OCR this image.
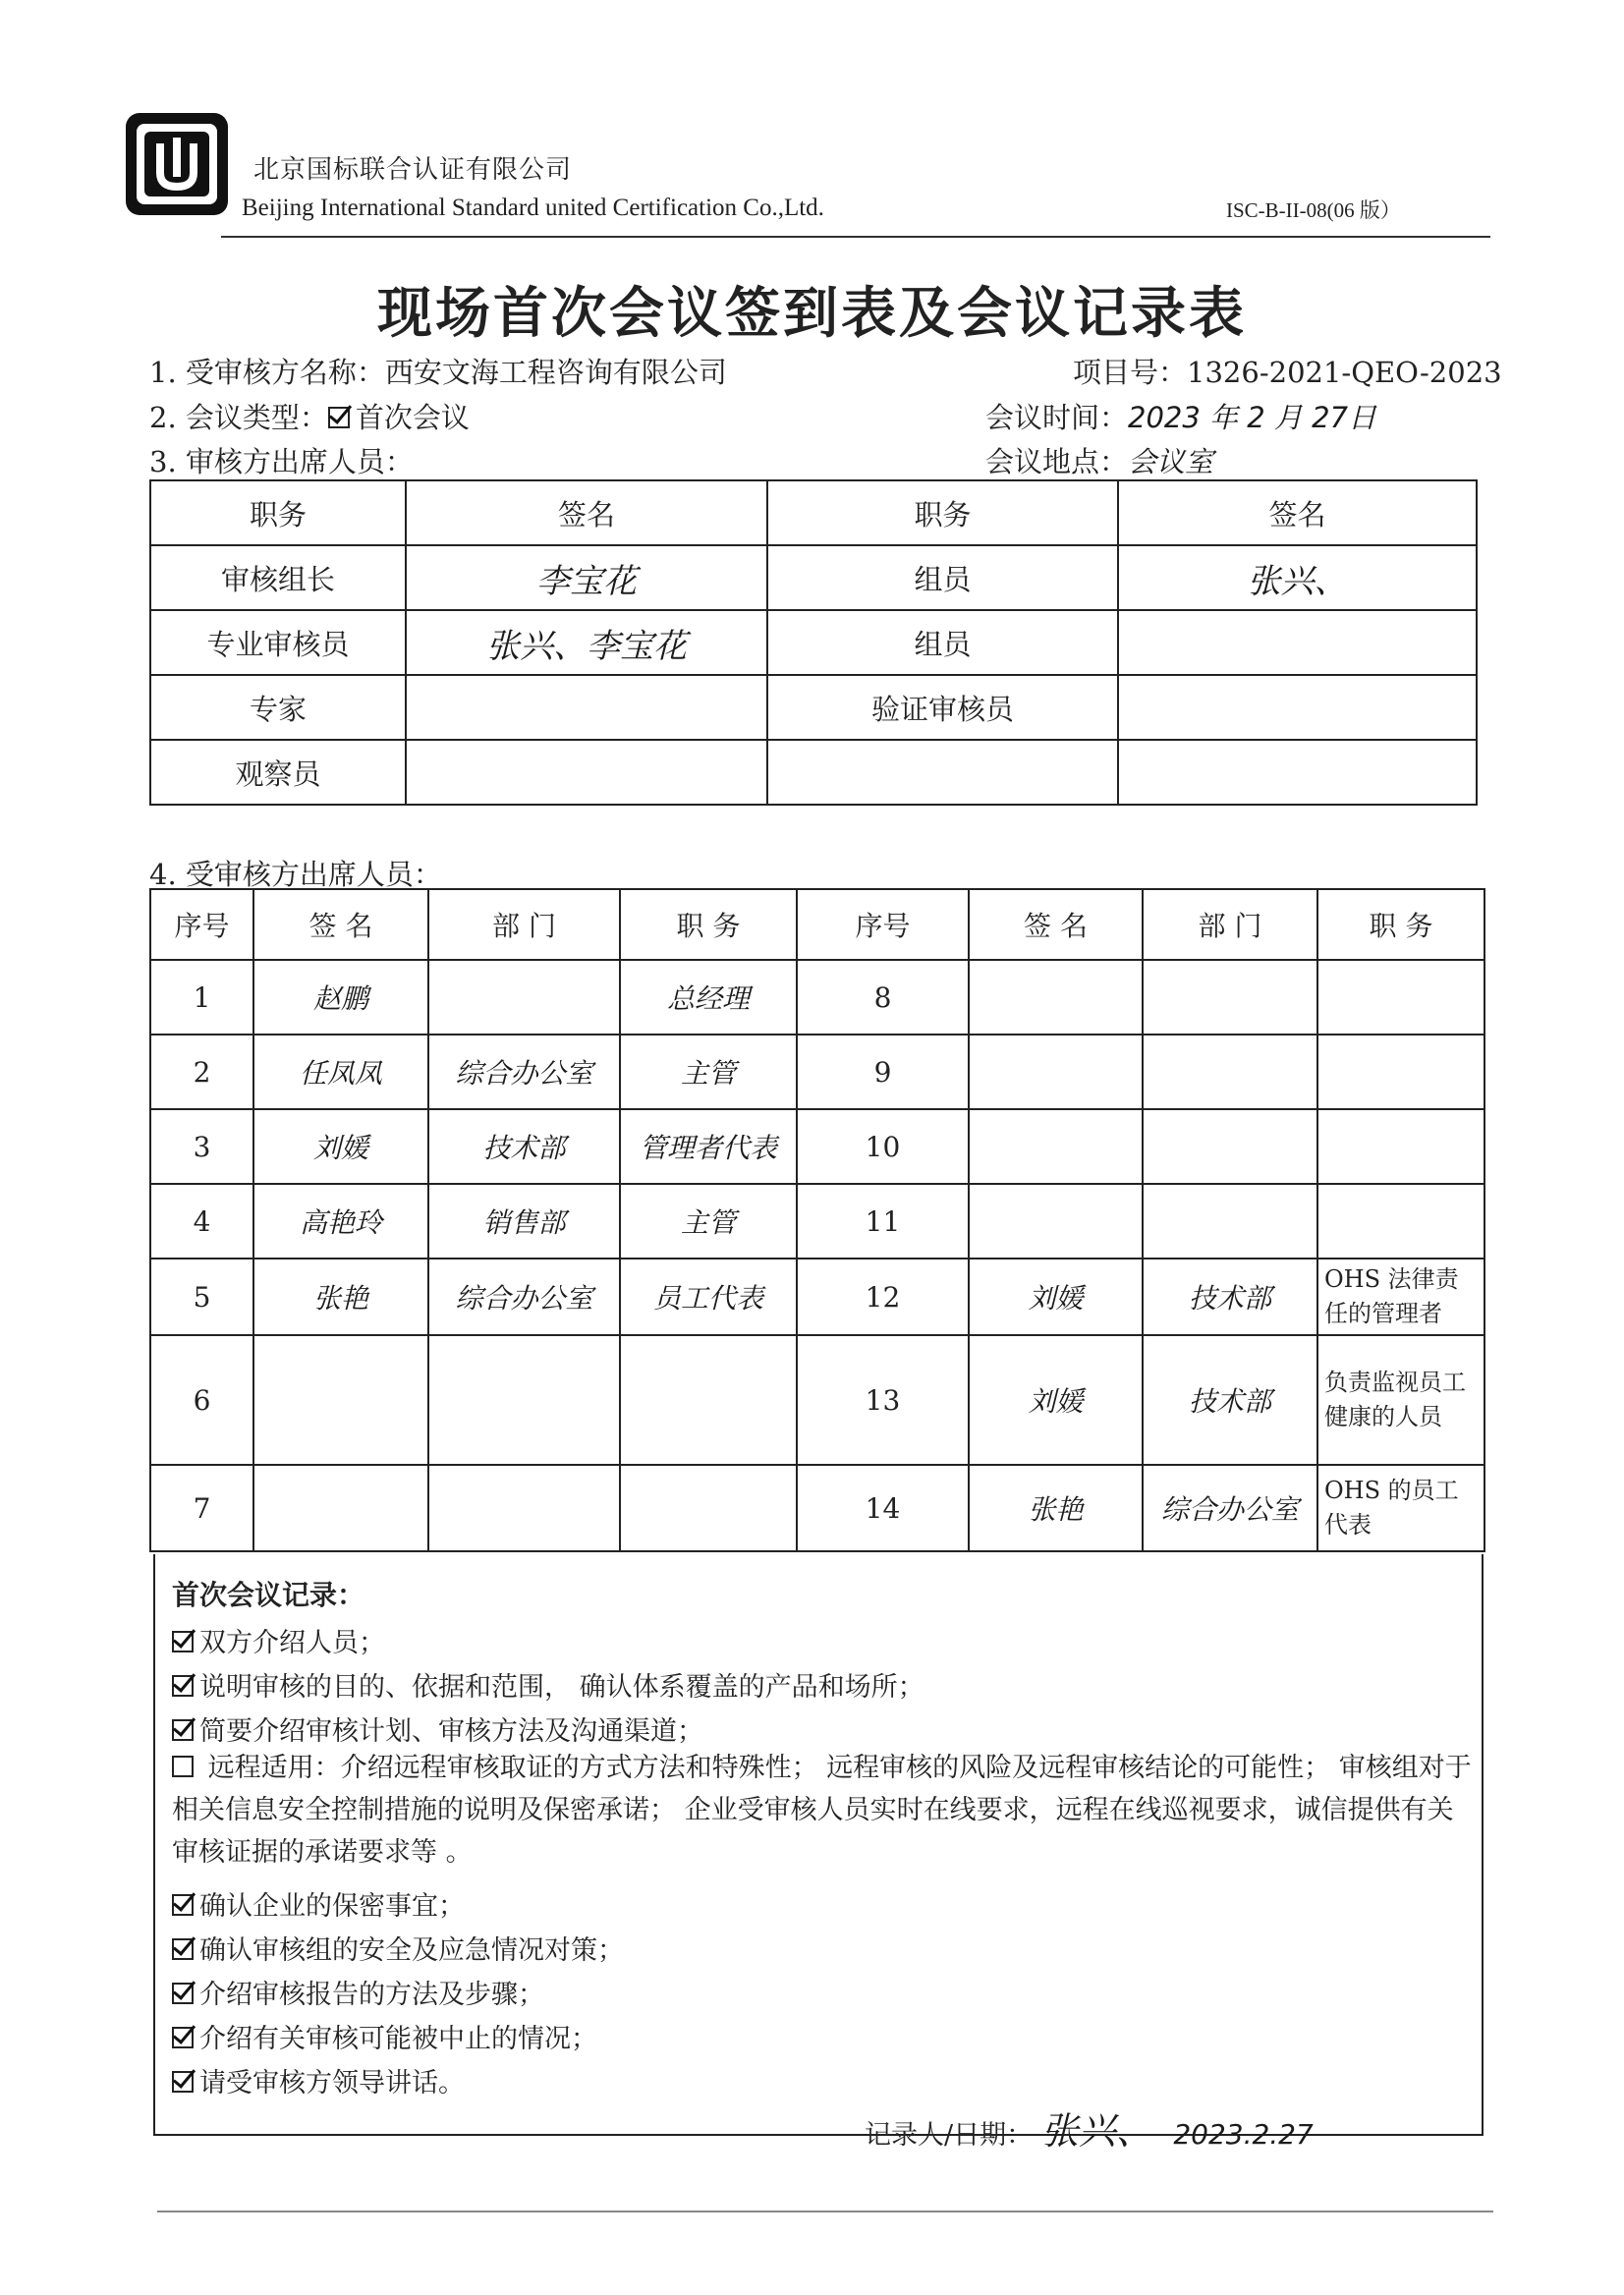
北京国标联合认证有限公司
Beijing International Standard united Certification Co.,Ltd.	ISC-B-II-08(06 版）
现场首次会议签到表及会议记录表
1. 受审核方名称：西安文海工程咨询有限公司	项目号：1326-2021-QEO-2023
2. 会议类型： 首次会议	会议时间：2023 年 2 月 27日
3. 审核方出席人员：	会议地点：会议室
职务	签名	职务	签名
审核组长	李宝花	组员	张兴、
专业审核员	张兴、李宝花	组员	
专家		验证审核员	
观察员			
4. 受审核方出席人员：
序号	签 名	部 门	职 务	序号	签 名	部 门	职 务
1	赵鹏		总经理	8			
2	任凤凤	综合办公室	主管	9			
3	刘媛	技术部	管理者代表	10			
4	高艳玲	销售部	主管	11			
5	张艳	综合办公室	员工代表	12	刘媛	技术部	OHS 法律责任的管理者
6				13	刘媛	技术部	负责监视员工健康的人员
7				14	张艳	综合办公室	OHS 的员工代表
首次会议记录：
双方介绍人员；
说明审核的目的、依据和范围， 确认体系覆盖的产品和场所；
简要介绍审核计划、审核方法及沟通渠道；
远程适用：介绍远程审核取证的方式方法和特殊性； 远程审核的风险及远程审核结论的可能性； 审核组对于相关信息安全控制措施的说明及保密承诺； 企业受审核人员实时在线要求，远程在线巡视要求，诚信提供有关审核证据的承诺要求等 。
确认企业的保密事宜；
确认审核组的安全及应急情况对策；
介绍审核报告的方法及步骤；
介绍有关审核可能被中止的情况；
请受审核方领导讲话。
记录人/日期： 张兴、 2023.2.27
